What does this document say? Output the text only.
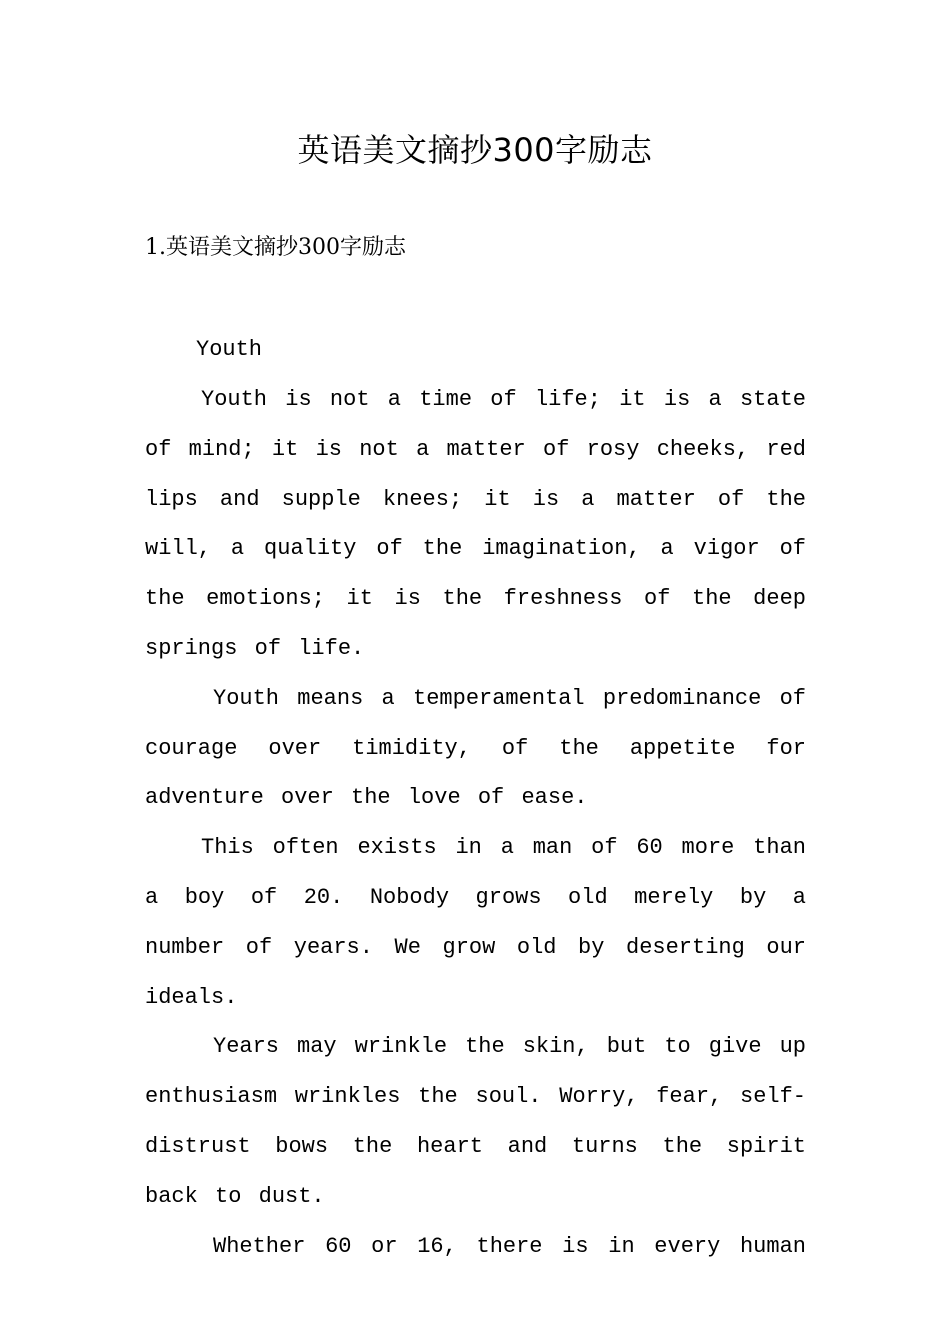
英语美文摘抄300字励志
1.英语美文摘抄300字励志
Youth

Youth is not a time of life; it is a state of mind; it is not a matter of rosy cheeks, red lips and supple knees; it is a matter of the will, a quality of the imagination, a vigor of the emotions; it is the freshness of the deep springs of life.

Youth means a temperamental predominance of courage over timidity, of the appetite for adventure over the love of ease.

This often exists in a man of 60 more than a boy of 20. Nobody grows old merely by a number of years. We grow old by deserting our ideals.

Years may wrinkle the skin, but to give up enthusiasm wrinkles the soul. Worry, fear, self-distrust bows the heart and turns the spirit back to dust.

Whether 60 or 16, there is in every human
